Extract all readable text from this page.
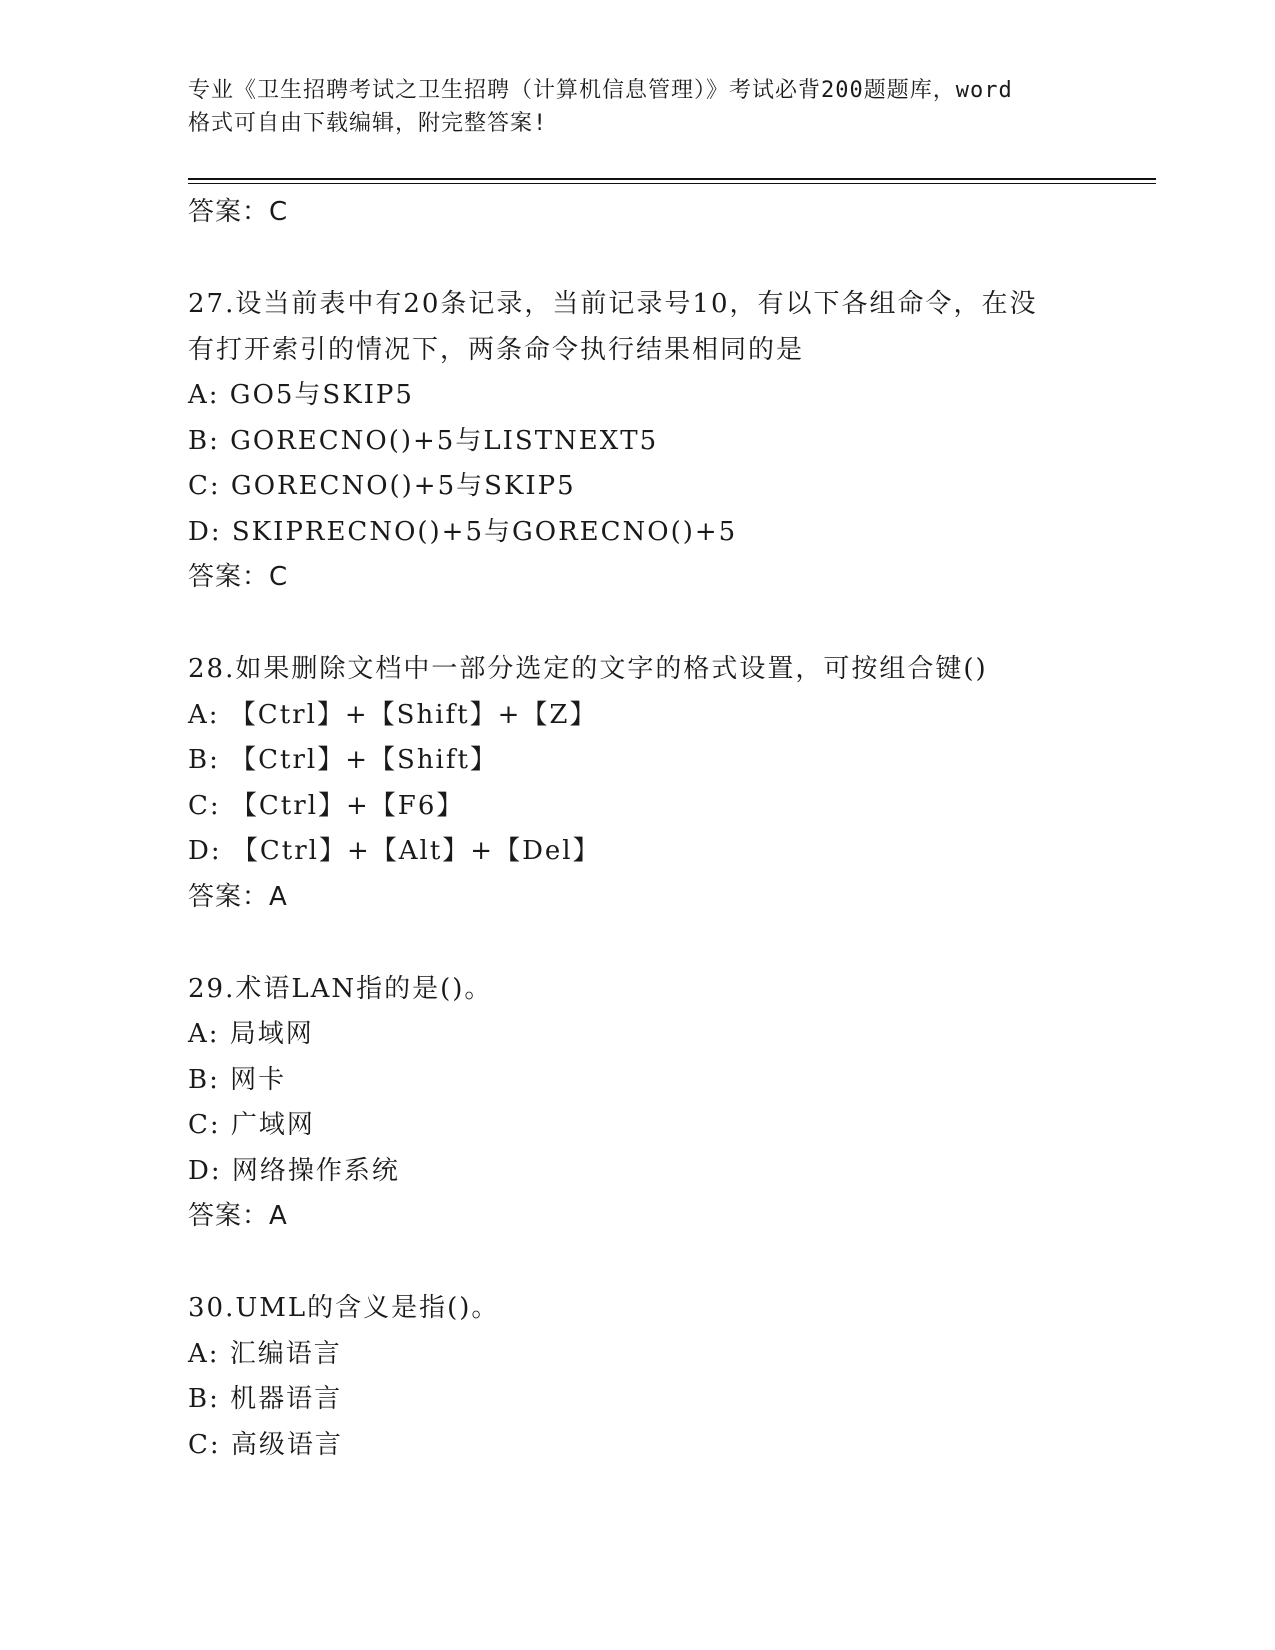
专业《卫生招聘考试之卫生招聘（计算机信息管理）》考试必背200题题库，word
格式可自由下载编辑，附完整答案!
答案：C
27.设当前表中有20条记录，当前记录号10，有以下各组命令，在没
有打开索引的情况下，两条命令执行结果相同的是
A: GO5与SKIP5
B: GORECNO()+5与LISTNEXT5
C: GORECNO()+5与SKIP5
D: SKIPRECNO()+5与GORECNO()+5
答案：C
28.如果删除文档中一部分选定的文字的格式设置，可按组合键()
A: 【Ctrl】+【Shift】+【Z】
B: 【Ctrl】+【Shift】
C: 【Ctrl】+【F6】
D: 【Ctrl】+【Alt】+【Del】
答案：A
29.术语LAN指的是()。
A: 局域网
B: 网卡
C: 广域网
D: 网络操作系统
答案：A
30.UML的含义是指()。
A: 汇编语言
B: 机器语言
C: 高级语言
